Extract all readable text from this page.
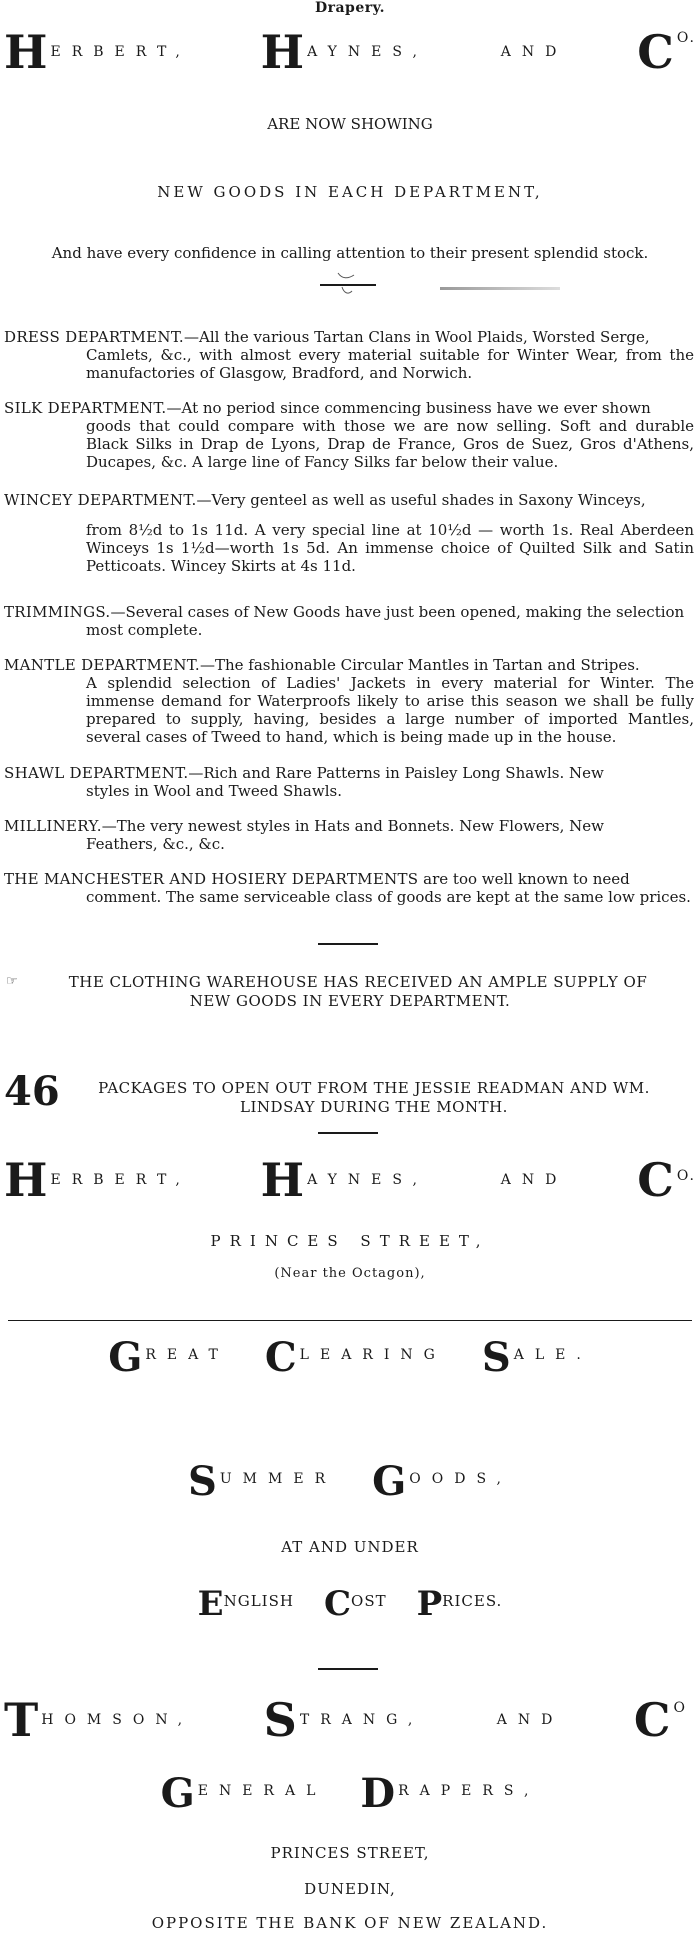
Drapery.
H ERBERT, H AYNES,	AND C O.
ARE NOW SHOWING
NEW GOODS IN EACH DEPARTMENT,
And have every confidence in calling attention to their present splendid stock.
DRESS DEPARTMENT.—All the various Tartan Clans in Wool Plaids, Worsted Serge,
Camlets, &c., with almost every material suitable for Winter Wear, from the manufactories of Glasgow, Bradford, and Norwich.
SILK DEPARTMENT.—At no period since commencing business have we ever shown
goods that could compare with those we are now selling. Soft and durable Black Silks in Drap de Lyons, Drap de France, Gros de Suez, Gros d'Athens, Ducapes, &c. A large line of Fancy Silks far below their value.
WINCEY DEPARTMENT.—Very genteel as well as useful shades in Saxony Winceys,
from 8½d to 1s 11d. A very special line at 10½d — worth 1s. Real Aberdeen Winceys 1s 1½d—worth 1s 5d. An immense choice of Quilted Silk and Satin Petticoats. Wincey Skirts at 4s 11d.
TRIMMINGS.—Several cases of New Goods have just been opened, making the selection
most complete.
MANTLE DEPARTMENT.—The fashionable Circular Mantles in Tartan and Stripes.
A splendid selection of Ladies' Jackets in every material for Winter. The immense demand for Waterproofs likely to arise this season we shall be fully prepared to supply, having, besides a large number of imported Mantles, several cases of Tweed to hand, which is being made up in the house.
SHAWL DEPARTMENT.—Rich and Rare Patterns in Paisley Long Shawls. New
styles in Wool and Tweed Shawls.
MILLINERY.—The very newest styles in Hats and Bonnets. New Flowers, New
Feathers, &c., &c.
THE MANCHESTER AND HOSIERY DEPARTMENTS are too well known to need
comment. The same serviceable class of goods are kept at the same low prices.
☞	THE CLOTHING WAREHOUSE HAS RECEIVED AN AMPLE SUPPLY OF
NEW GOODS IN EVERY DEPARTMENT.
46	PACKAGES TO OPEN OUT FROM THE JESSIE READMAN AND WM.
LINDSAY DURING THE MONTH.
H ERBERT, H AYNES,	AND C O.
PRINCES STREET,
(Near the Octagon),
G REAT C LEARING S ALE.
S UMMER G OODS,
AT AND UNDER
E NGLISH C OST P RICES.
T HOMSON, S TRANG,	AND C O
G ENERAL D RAPERS,
PRINCES STREET,
DUNEDIN,
OPPOSITE THE BANK OF NEW ZEALAND.
